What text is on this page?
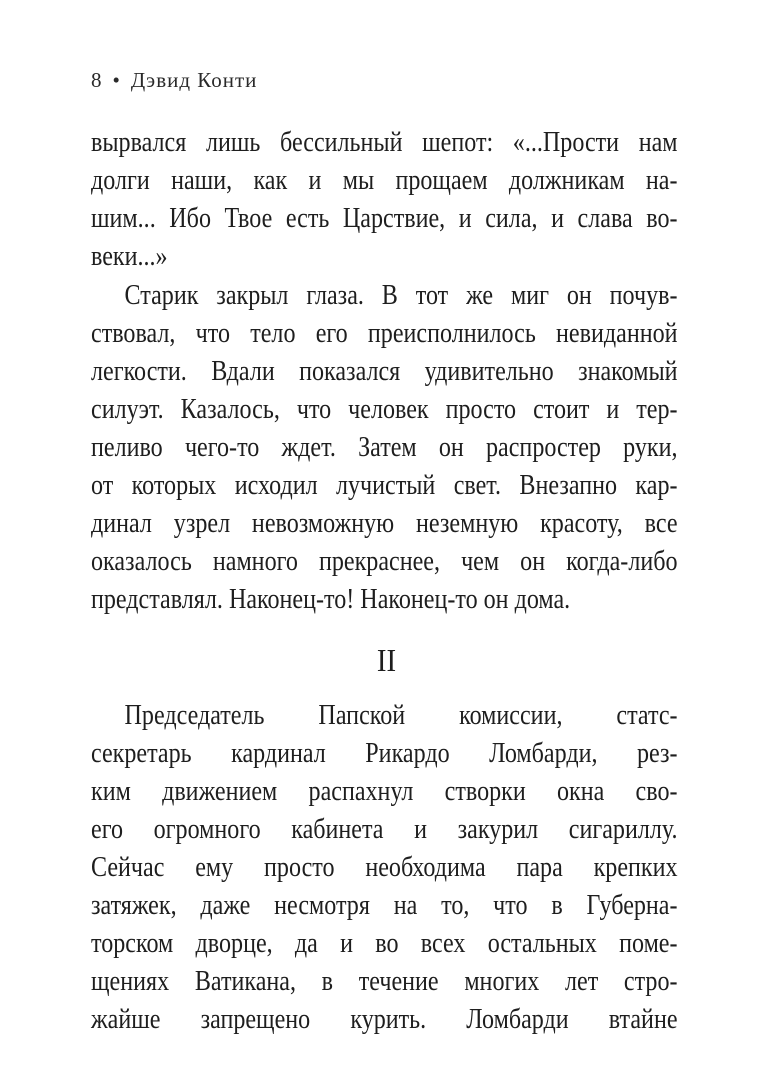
8 • Дэвид Конти
вырвался лишь бессильный шепот: «...Прости нам
долги наши, как и мы прощаем должникам на-
шим... Ибо Твое есть Царствие, и сила, и слава во-
веки...»
Старик закрыл глаза. В тот же миг он почув-
ствовал, что тело его преисполнилось невиданной
легкости. Вдали показался удивительно знакомый
силуэт. Казалось, что человек просто стоит и тер-
пеливо чего-то ждет. Затем он распростер руки,
от которых исходил лучистый свет. Внезапно кар-
динал узрел невозможную неземную красоту, все
оказалось намного прекраснее, чем он когда-либо
представлял. Наконец-то! Наконец-то он дома.
II
Председатель Папской комиссии, статс-
секретарь кардинал Рикардо Ломбарди, рез-
ким движением распахнул створки окна сво-
его огромного кабинета и закурил сигариллу.
Сейчас ему просто необходима пара крепких
затяжек, даже несмотря на то, что в Губерна-
торском дворце, да и во всех остальных поме-
щениях Ватикана, в течение многих лет стро-
жайше запрещено курить. Ломбарди втайне
